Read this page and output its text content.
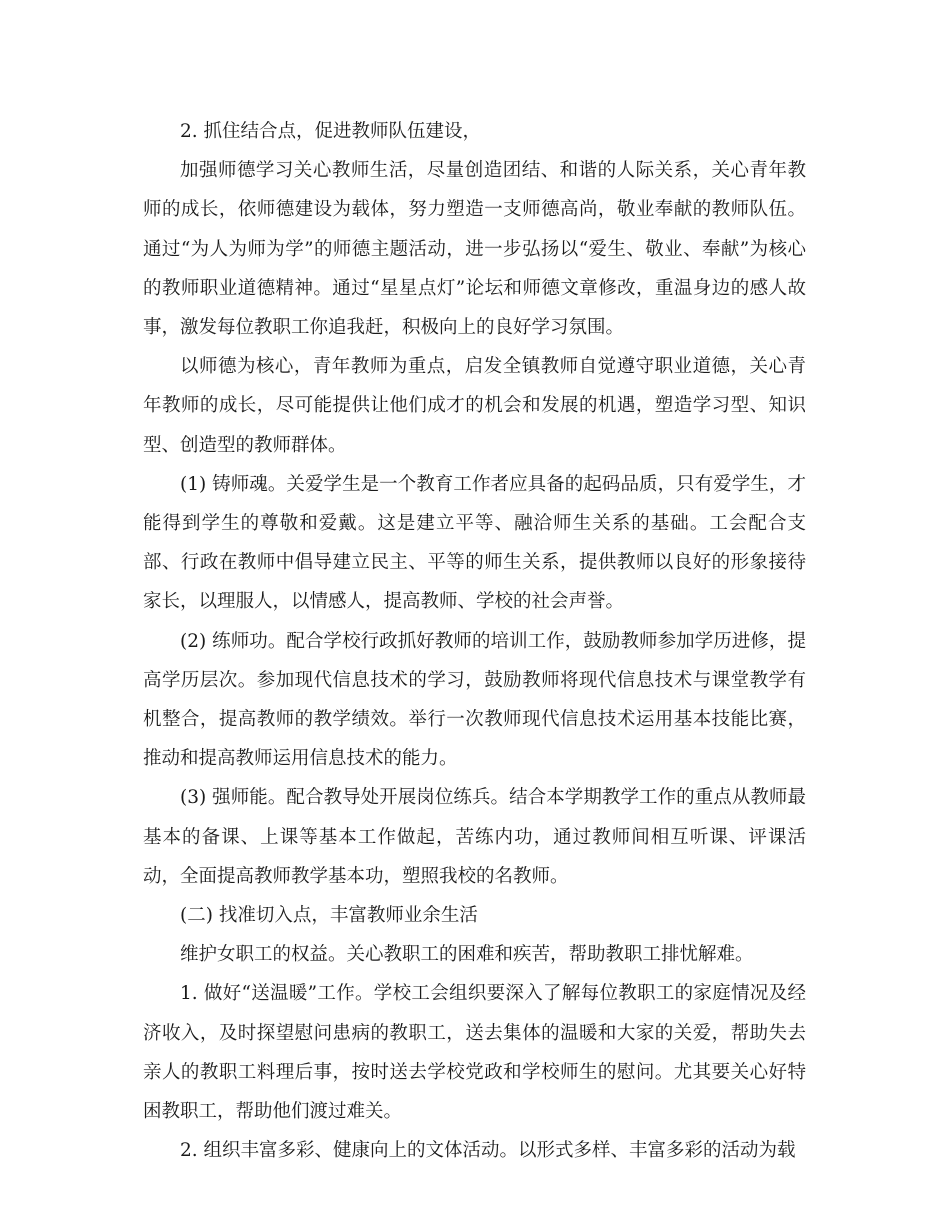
2. 抓住结合点，促进教师队伍建设，

加强师德学习关心教师生活，尽量创造团结、和谐的人际关系，关心青年教师的成长，依师德建设为载体，努力塑造一支师德高尚，敬业奉献的教师队伍。通过“为人为师为学”的师德主题活动，进一步弘扬以“爱生、敬业、奉献”为核心的教师职业道德精神。通过“星星点灯”论坛和师德文章修改，重温身边的感人故事，激发每位教职工你追我赶，积极向上的良好学习氛围。

以师德为核心，青年教师为重点，启发全镇教师自觉遵守职业道德，关心青年教师的成长，尽可能提供让他们成才的机会和发展的机遇，塑造学习型、知识型、创造型的教师群体。

(1) 铸师魂。关爱学生是一个教育工作者应具备的起码品质，只有爱学生，才能得到学生的尊敬和爱戴。这是建立平等、融洽师生关系的基础。工会配合支部、行政在教师中倡导建立民主、平等的师生关系，提供教师以良好的形象接待家长，以理服人，以情感人，提高教师、学校的社会声誉。

(2) 练师功。配合学校行政抓好教师的培训工作，鼓励教师参加学历进修，提高学历层次。参加现代信息技术的学习，鼓励教师将现代信息技术与课堂教学有机整合，提高教师的教学绩效。举行一次教师现代信息技术运用基本技能比赛，推动和提高教师运用信息技术的能力。

(3) 强师能。配合教导处开展岗位练兵。结合本学期教学工作的重点从教师最基本的备课、上课等基本工作做起，苦练内功，通过教师间相互听课、评课活动，全面提高教师教学基本功，塑照我校的名教师。

(二) 找准切入点，丰富教师业余生活

维护女职工的权益。关心教职工的困难和疾苦，帮助教职工排忧解难。

1. 做好“送温暖”工作。学校工会组织要深入了解每位教职工的家庭情况及经济收入，及时探望慰问患病的教职工，送去集体的温暖和大家的关爱，帮助失去亲人的教职工料理后事，按时送去学校党政和学校师生的慰问。尤其要关心好特困教职工，帮助他们渡过难关。

2. 组织丰富多彩、健康向上的文体活动。以形式多样、丰富多彩的活动为载
